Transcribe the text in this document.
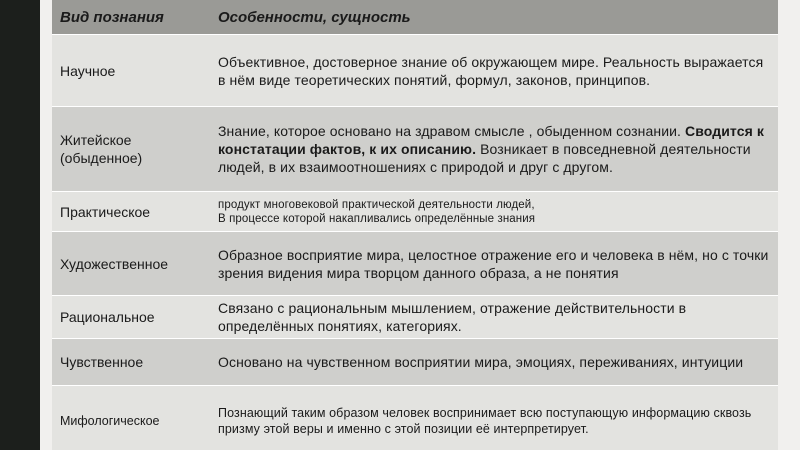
Вид познания	Особенности, сущность
Научное	Объективное, достоверное знание об окружающем мире. Реальность выражается в нём виде теоретических понятий, формул, законов, принципов.
Житейское (обыденное)	Знание, которое основано на здравом смысле , обыденном сознании. Сводится к констатации фактов, к их описанию. Возникает в повседневной деятельности людей, в их взаимоотношениях с природой и друг с другом.
Практическое	продукт многовековой практической деятельности людей,
В процессе которой накапливались определённые знания
Художественное	Образное восприятие мира, целостное отражение его и человека в нём, но с точки зрения видения мира творцом данного образа, а не понятия
Рациональное	Связано с рациональным мышлением, отражение действительности в определённых понятиях, категориях.
Чувственное	Основано на чувственном восприятии мира, эмоциях, переживаниях, интуиции
Мифологическое	Познающий таким образом человек воспринимает всю поступающую информацию сквозь призму этой веры и именно с этой позиции её интерпретирует.
